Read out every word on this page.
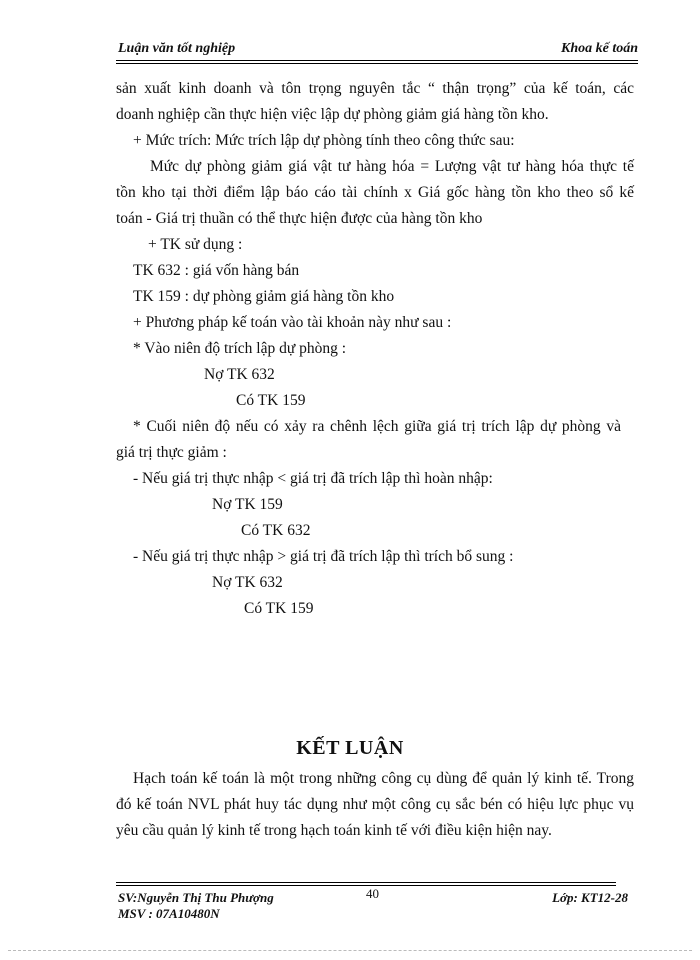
Luận văn tốt nghiệp	Khoa kế toán
sản xuất kinh doanh và tôn trọng nguyên tắc “ thận trọng” của kế toán, các
doanh nghiệp cần thực hiện việc lập dự phòng giảm giá hàng tồn kho.
+ Mức trích: Mức trích lập dự phòng tính theo công thức sau:
Mức dự phòng giảm giá vật tư hàng hóa = Lượng vật tư hàng hóa thực tế
tồn kho tại thời điểm lập báo cáo tài chính x Giá gốc hàng tồn kho theo sổ kế
toán - Giá trị thuần có thể thực hiện được của hàng tồn kho
+ TK sử dụng :
TK 632 : giá vốn hàng bán
TK 159 : dự phòng giảm giá hàng tồn kho
+ Phương pháp kế toán vào tài khoản này như sau :
* Vào niên độ trích lập dự phòng :
Nợ TK 632
Có TK 159
* Cuối niên độ nếu có xảy ra chênh lệch giữa giá trị trích lập dự phòng và
giá trị thực giảm :
- Nếu giá trị thực nhập < giá trị đã trích lập thì hoàn nhập:
Nợ TK 159
Có TK 632
- Nếu giá trị thực nhập > giá trị đã trích lập thì trích bổ sung :
Nợ TK 632
Có TK 159
KẾT LUẬN
Hạch toán kế toán là một trong những công cụ dùng để quản lý kinh tế. Trong
đó kế toán NVL phát huy tác dụng như một công cụ sắc bén có hiệu lực phục vụ
yêu cầu quản lý kinh tế trong hạch toán kinh tế với điều kiện hiện nay.
40
SV:Nguyễn Thị Thu Phượng
MSV : 07A10480N
Lớp: KT12-28
